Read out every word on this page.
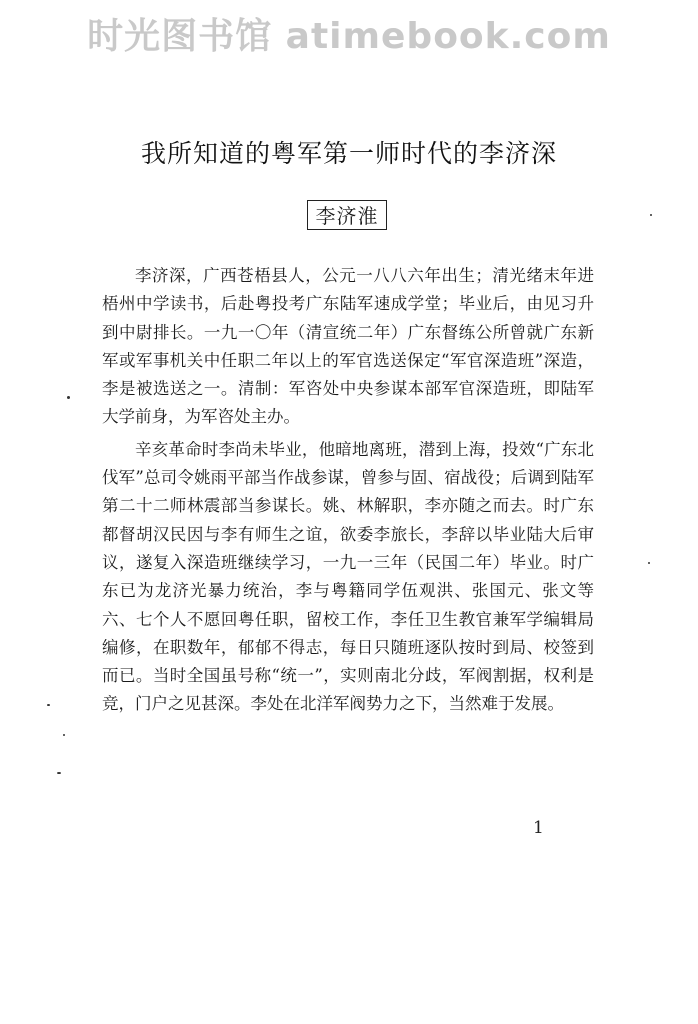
时光图书馆 atimebook.com
我所知道的粤军第一师时代的李济深
李济淮

李济深，广西苍梧县人，公元一八八六年出生；清光绪末年进梧州中学读书，后赴粤投考广东陆军速成学堂；毕业后，由见习升到中尉排长。一九一〇年（清宣统二年）广东督练公所曾就广东新军或军事机关中任职二年以上的军官选送保定“军官深造班”深造，李是被选送之一。清制：军咨处中央参谋本部军官深造班，即陆军大学前身，为军咨处主办。

辛亥革命时李尚未毕业，他暗地离班，潜到上海，投效“广东北伐军”总司令姚雨平部当作战参谋，曾参与固、宿战役；后调到陆军第二十二师林震部当参谋长。姚、林解职，李亦随之而去。时广东都督胡汉民因与李有师生之谊，欲委李旅长，李辞以毕业陆大后审议，遂复入深造班继续学习，一九一三年（民国二年）毕业。时广东已为龙济光暴力统治，李与粤籍同学伍观洪、张国元、张文等六、七个人不愿回粤任职，留校工作，李任卫生教官兼军学编辑局编修，在职数年，郁郁不得志，每日只随班逐队按时到局、校签到而已。当时全国虽号称“统一”，实则南北分歧，军阀割据，权利是竞，门户之见甚深。李处在北洋军阀势力之下，当然难于发展。

1
